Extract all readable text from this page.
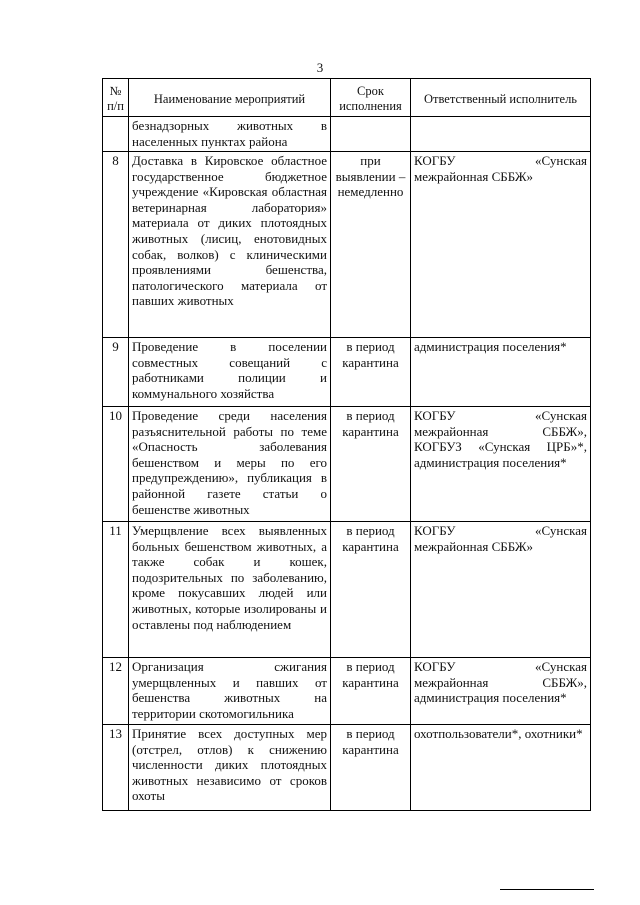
3
№ п/п	Наименование мероприятий	Срок исполнения	Ответственный исполнитель
	безнадзорных животных в населенных пунктах района		
8	Доставка в Кировское областное государственное бюджетное учреждение «Кировская областная ветеринарная лаборатория» материала от диких плотоядных животных (лисиц, енотовидных собак, волков) с клиническими проявлениями бешенства, патологического материала от павших животных	при выявлении – немедленно	КОГБУ «Сунская межрайонная СББЖ»
9	Проведение в поселении совместных совещаний с работниками полиции и коммунального хозяйства	в период карантина	администрация поселения*
10	Проведение среди населения разъяснительной работы по теме «Опасность заболевания бешенством и меры по его предупреждению», публикация в районной газете статьи о бешенстве животных	в период карантина	КОГБУ «Сунская межрайонная СББЖ», КОГБУЗ «Сунская ЦРБ»*, администрация поселения*
11	Умерщвление всех выявленных больных бешенством животных, а также собак и кошек, подозрительных по заболеванию, кроме покусавших людей или животных, которые изолированы и оставлены под наблюдением	в период карантина	КОГБУ «Сунская межрайонная СББЖ»
12	Организация сжигания умерщвленных и павших от бешенства животных на территории скотомогильника	в период карантина	КОГБУ «Сунская межрайонная СББЖ», администрация поселения*
13	Принятие всех доступных мер (отстрел, отлов) к снижению численности диких плотоядных животных независимо от сроков охоты	в период карантина	охотпользователи*, охотники*
